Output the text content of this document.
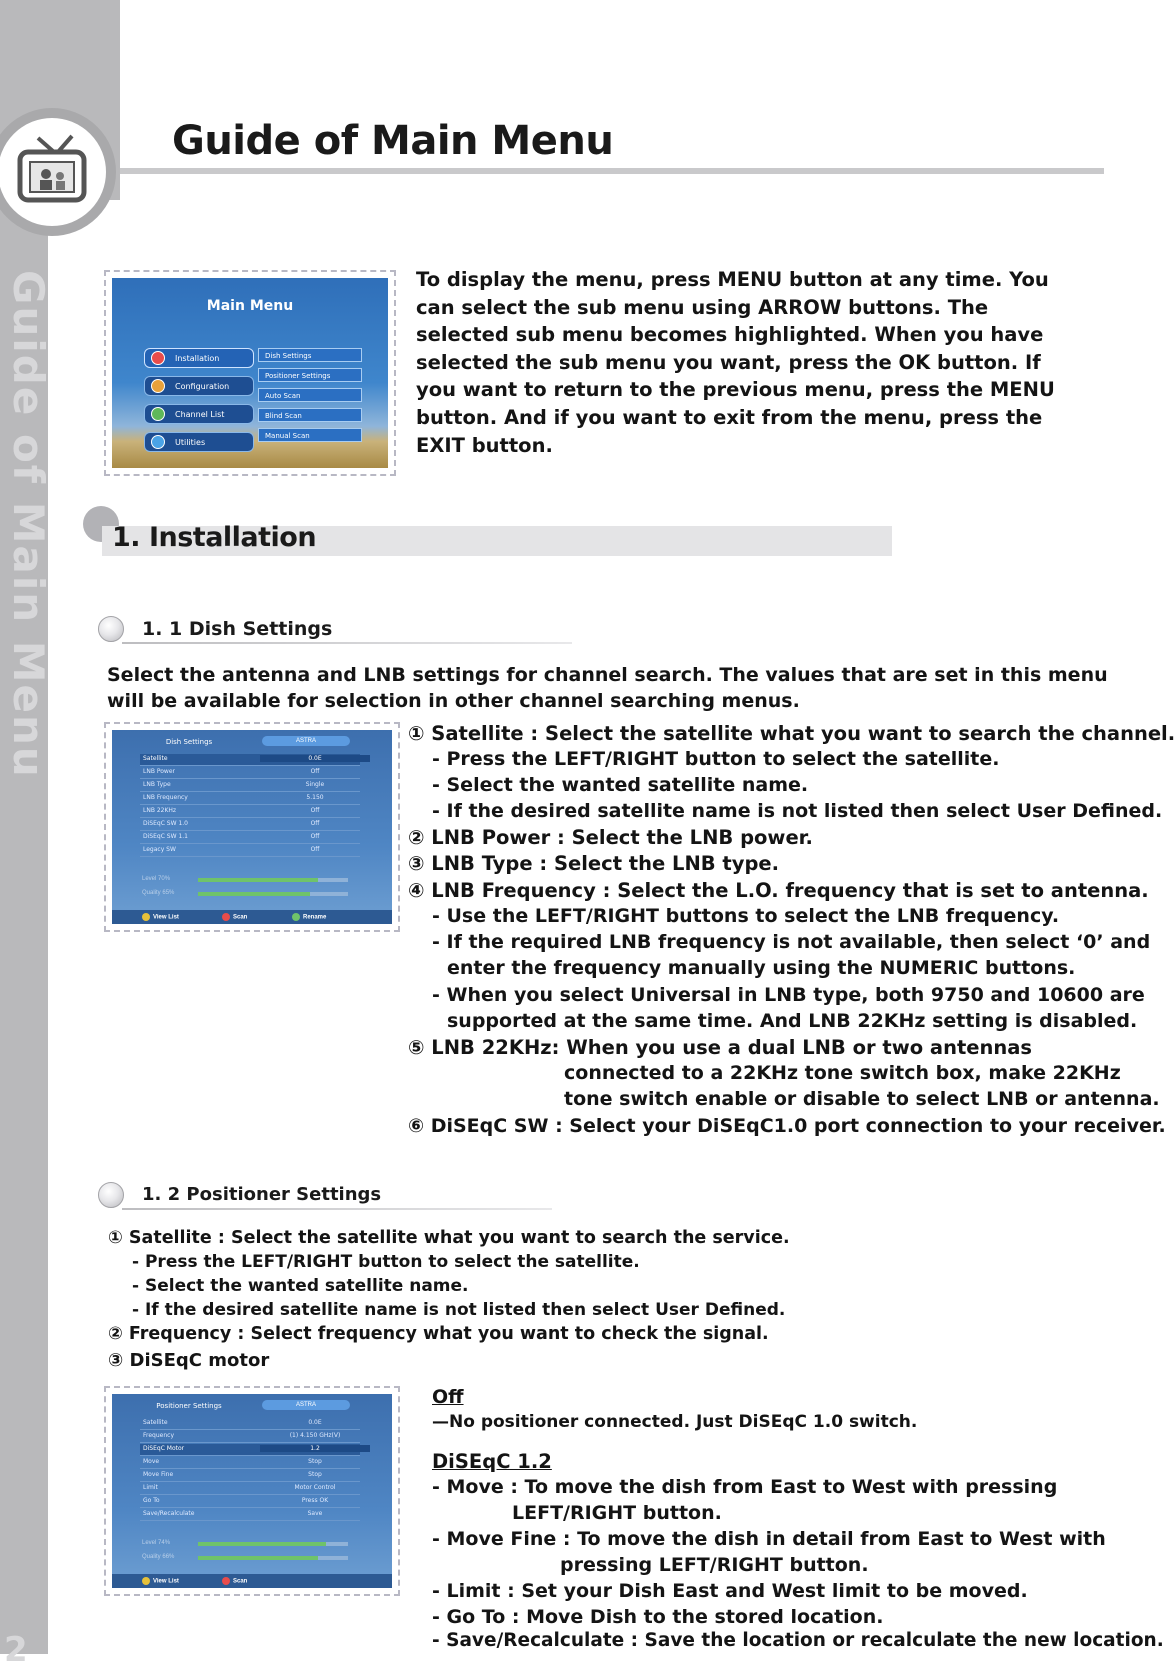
Guide of Main Menu
2
Guide of Main Menu
Main Menu
Installation
Configuration
Channel List
Utilities
Dish Settings
Positioner Settings
Auto Scan
Blind Scan
Manual Scan
To display the menu, press MENU button at any time. You can select the sub menu using ARROW buttons. The selected sub menu becomes highlighted. When you have selected the sub menu you want, press the OK button. If you want to return to the previous menu, press the MENU button. And if you want to exit from the menu, press the EXIT button.
1. Installation
1. 1 Dish Settings
Select the antenna and LNB settings for channel search. The values that are set in this menu
will be available for selection in other channel searching menus.
Dish Settings	ASTRA
Satellite	0.0E
LNB Power	Off
LNB Type	Single
LNB Frequency	5.150
LNB 22KHz	Off
DiSEqC SW 1.0	Off
DiSEqC SW 1.1	Off
Legacy SW	Off
Level 70%
Quality 65%
View List	Scan	Rename
① Satellite : Select the satellite what you want to search the channel.
- Press the LEFT/RIGHT button to select the satellite.
- Select the wanted satellite name.
- If the desired satellite name is not listed then select User Defined.
② LNB Power : Select the LNB power.
③ LNB Type : Select the LNB type.
④ LNB Frequency : Select the L.O. frequency that is set to antenna.
- Use the LEFT/RIGHT buttons to select the LNB frequency.
- If the required LNB frequency is not available, then select ‘0’ and
enter the frequency manually using the NUMERIC buttons.
- When you select Universal in LNB type, both 9750 and 10600 are
supported at the same time. And LNB 22KHz setting is disabled.
⑤ LNB 22KHz: When you use a dual LNB or two antennas
connected to a 22KHz tone switch box, make 22KHz
tone switch enable or disable to select LNB or antenna.
⑥ DiSEqC SW : Select your DiSEqC1.0 port connection to your receiver.
1. 2 Positioner Settings
① Satellite : Select the satellite what you want to search the service.
- Press the LEFT/RIGHT button to select the satellite.
- Select the wanted satellite name.
- If the desired satellite name is not listed then select User Defined.
② Frequency : Select frequency what you want to check the signal.
③ DiSEqC motor
Positioner Settings	ASTRA
Satellite	0.0E
Frequency	(1) 4.150 GHz(V)
DiSEqC Motor	1.2
Move	Stop
Move Fine	Stop
Limit	Motor Control
Go To	Press OK
Save/Recalculate	Save
Level 74%
Quality 66%
View List	Scan
Off
—No positioner connected. Just DiSEqC 1.0 switch.
DiSEqC 1.2
- Move : To move the dish from East to West with pressing
LEFT/RIGHT button.
- Move Fine : To move the dish in detail from East to West with
pressing LEFT/RIGHT button.
- Limit : Set your Dish East and West limit to be moved.
- Go To : Move Dish to the stored location.
- Save/Recalculate : Save the location or recalculate the new location.
